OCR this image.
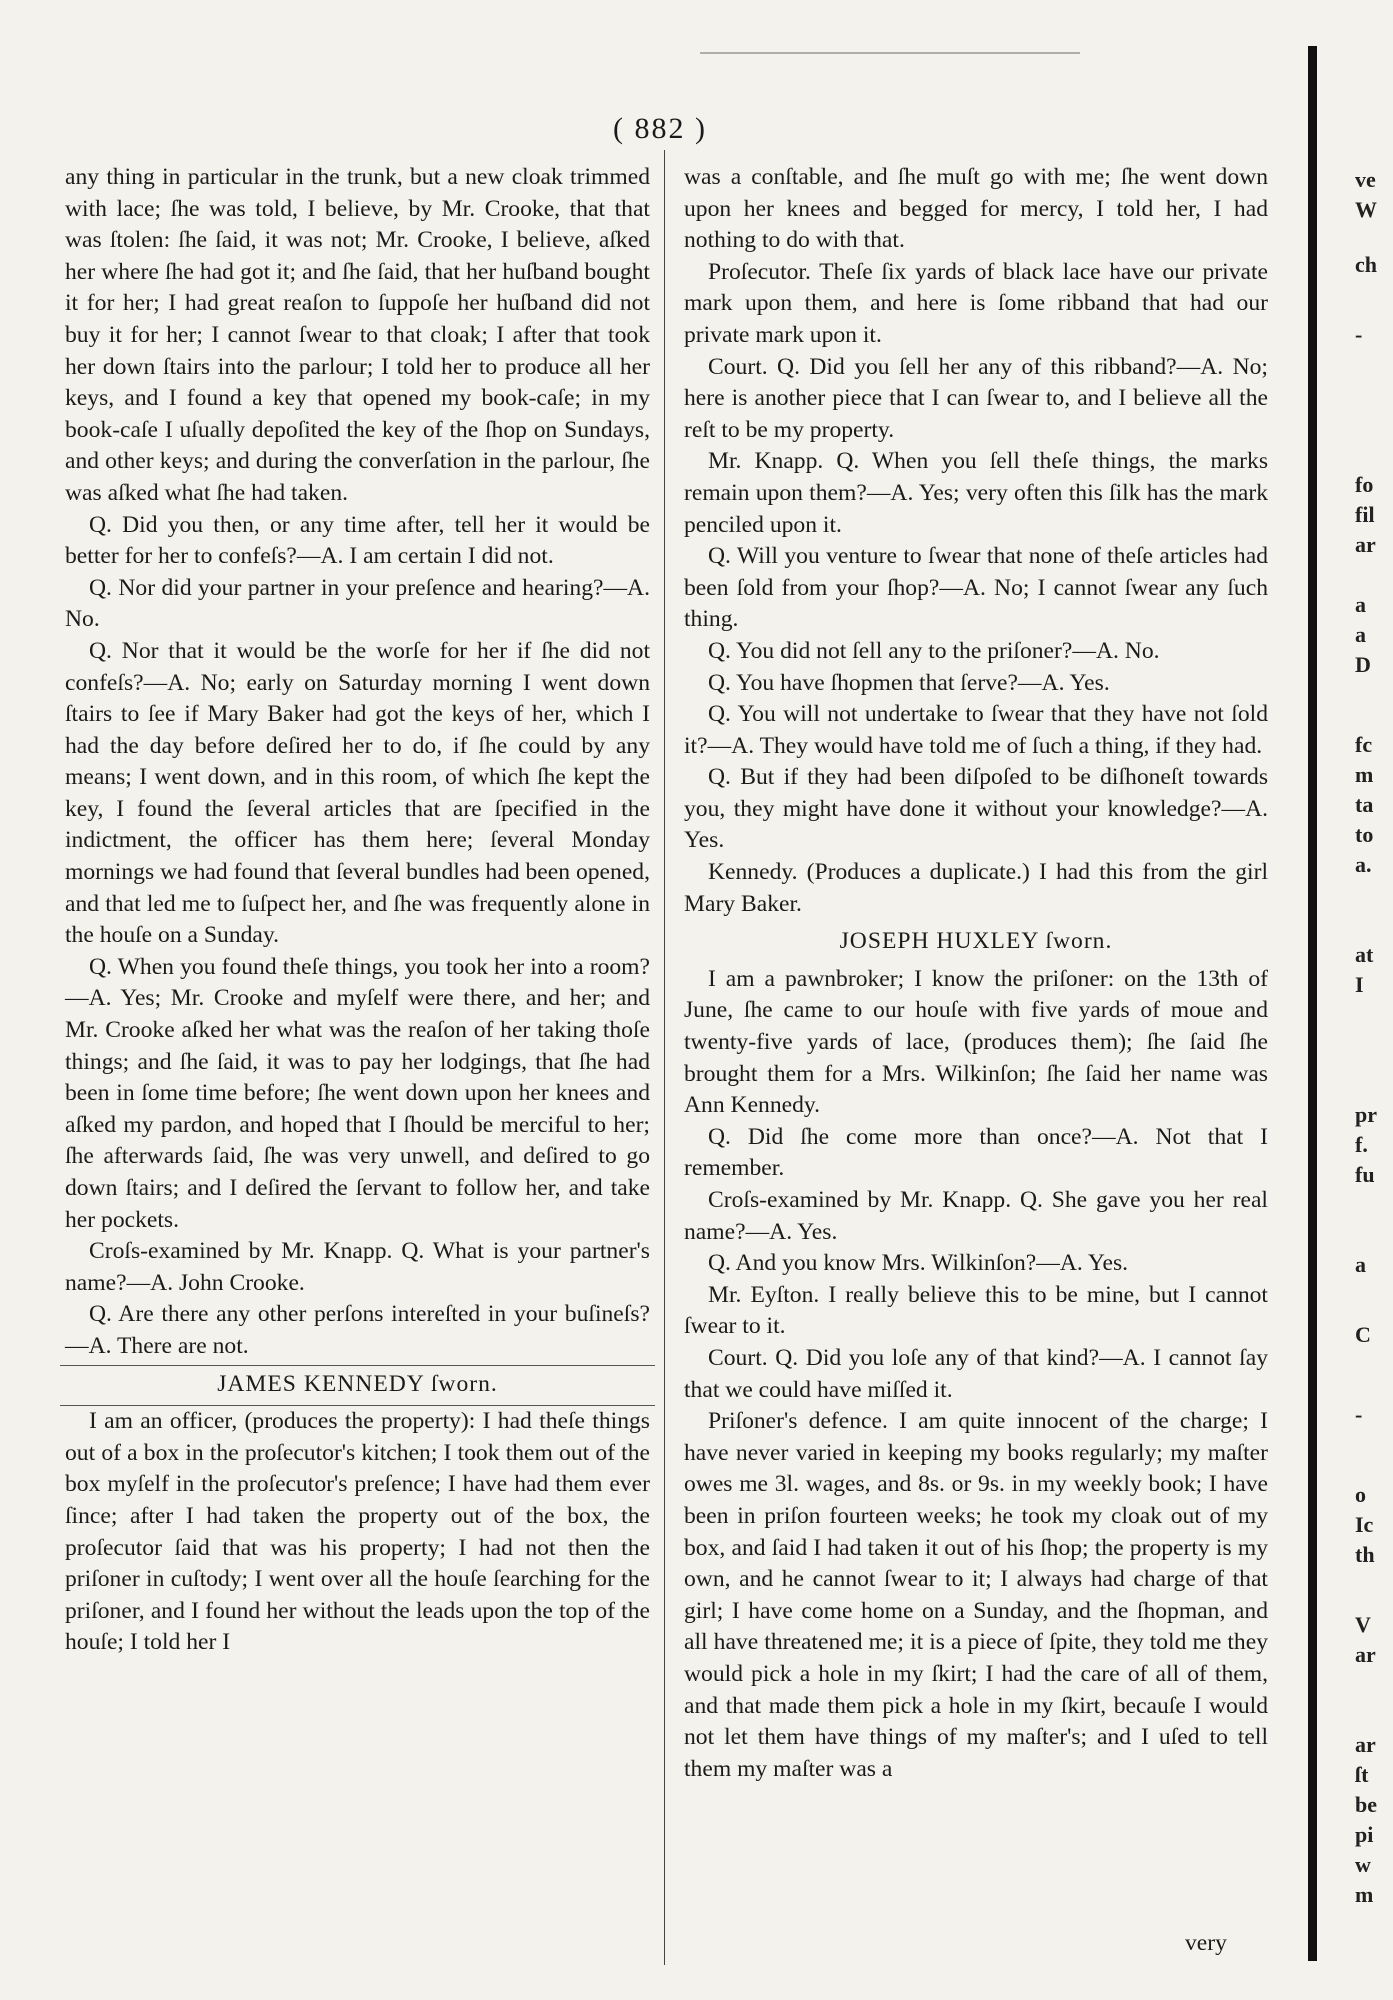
( 882 )

any thing in particular in the trunk, but a new cloak trimmed with lace; ſhe was told, I believe, by Mr. Crooke, that that was ſtolen: ſhe ſaid, it was not; Mr. Crooke, I believe, aſked her where ſhe had got it; and ſhe ſaid, that her huſband bought it for her; I had great reaſon to ſuppoſe her huſband did not buy it for her; I cannot ſwear to that cloak; I after that took her down ſtairs into the parlour; I told her to produce all her keys, and I found a key that opened my book-caſe; in my book-caſe I uſually depoſited the key of the ſhop on Sundays, and other keys; and during the converſation in the parlour, ſhe was aſked what ſhe had taken.

Q. Did you then, or any time after, tell her it would be better for her to confeſs?—A. I am certain I did not.

Q. Nor did your partner in your preſence and hearing?—A. No.

Q. Nor that it would be the worſe for her if ſhe did not confeſs?—A. No; early on Saturday morning I went down ſtairs to ſee if Mary Baker had got the keys of her, which I had the day before deſired her to do, if ſhe could by any means; I went down, and in this room, of which ſhe kept the key, I found the ſeveral articles that are ſpecified in the indictment, the officer has them here; ſeveral Monday mornings we had found that ſeveral bundles had been opened, and that led me to ſuſpect her, and ſhe was frequently alone in the houſe on a Sunday.

Q. When you found theſe things, you took her into a room?—A. Yes; Mr. Crooke and myſelf were there, and her; and Mr. Crooke aſked her what was the reaſon of her taking thoſe things; and ſhe ſaid, it was to pay her lodgings, that ſhe had been in ſome time before; ſhe went down upon her knees and aſked my pardon, and hoped that I ſhould be merciful to her; ſhe afterwards ſaid, ſhe was very unwell, and deſired to go down ſtairs; and I deſired the ſervant to follow her, and take her pockets.

Croſs-examined by Mr. Knapp. Q. What is your partner's name?—A. John Crooke.

Q. Are there any other perſons intereſted in your buſineſs?—A. There are not.

JAMES KENNEDY ſworn.

I am an officer, (produces the property): I had theſe things out of a box in the proſecutor's kitchen; I took them out of the box myſelf in the proſecutor's preſence; I have had them ever ſince; after I had taken the property out of the box, the proſecutor ſaid that was his property; I had not then the priſoner in cuſtody; I went over all the houſe ſearching for the priſoner, and I found her without the leads upon the top of the houſe; I told her I

was a conſtable, and ſhe muſt go with me; ſhe went down upon her knees and begged for mercy, I told her, I had nothing to do with that.

Proſecutor. Theſe ſix yards of black lace have our private mark upon them, and here is ſome ribband that had our private mark upon it.

Court. Q. Did you ſell her any of this ribband?—A. No; here is another piece that I can ſwear to, and I believe all the reſt to be my property.

Mr. Knapp. Q. When you ſell theſe things, the marks remain upon them?—A. Yes; very often this ſilk has the mark penciled upon it.

Q. Will you venture to ſwear that none of theſe articles had been ſold from your ſhop?—A. No; I cannot ſwear any ſuch thing.

Q. You did not ſell any to the priſoner?—A. No.

Q. You have ſhopmen that ſerve?—A. Yes.

Q. You will not undertake to ſwear that they have not ſold it?—A. They would have told me of ſuch a thing, if they had.

Q. But if they had been diſpoſed to be diſhoneſt towards you, they might have done it without your knowledge?—A. Yes.

Kennedy. (Produces a duplicate.) I had this from the girl Mary Baker.

JOSEPH HUXLEY ſworn.

I am a pawnbroker; I know the priſoner: on the 13th of June, ſhe came to our houſe with five yards of moue and twenty-five yards of lace, (produces them); ſhe ſaid ſhe brought them for a Mrs. Wilkinſon; ſhe ſaid her name was Ann Kennedy.

Q. Did ſhe come more than once?—A. Not that I remember.

Croſs-examined by Mr. Knapp. Q. She gave you her real name?—A. Yes.

Q. And you know Mrs. Wilkinſon?—A. Yes.

Mr. Eyſton. I really believe this to be mine, but I cannot ſwear to it.

Court. Q. Did you loſe any of that kind?—A. I cannot ſay that we could have miſſed it.

Priſoner's defence. I am quite innocent of the charge; I have never varied in keeping my books regularly; my maſter owes me 3l. wages, and 8s. or 9s. in my weekly book; I have been in priſon fourteen weeks; he took my cloak out of my box, and ſaid I had taken it out of his ſhop; the property is my own, and he cannot ſwear to it; I always had charge of that girl; I have come home on a Sunday, and the ſhopman, and all have threatened me; it is a piece of ſpite, they told me they would pick a hole in my ſkirt; I had the care of all of them, and that made them pick a hole in my ſkirt, becauſe I would not let them have things of my maſter's; and I uſed to tell them my maſter was a

ve
W
ch
-
fo
fil
ar
a
a
D
fc
m
ta
to
a.
at
I
pr
f.
fu
a
C
-
o
Ic
th
V
ar
ar
ſt
be
pi
w
m
very
